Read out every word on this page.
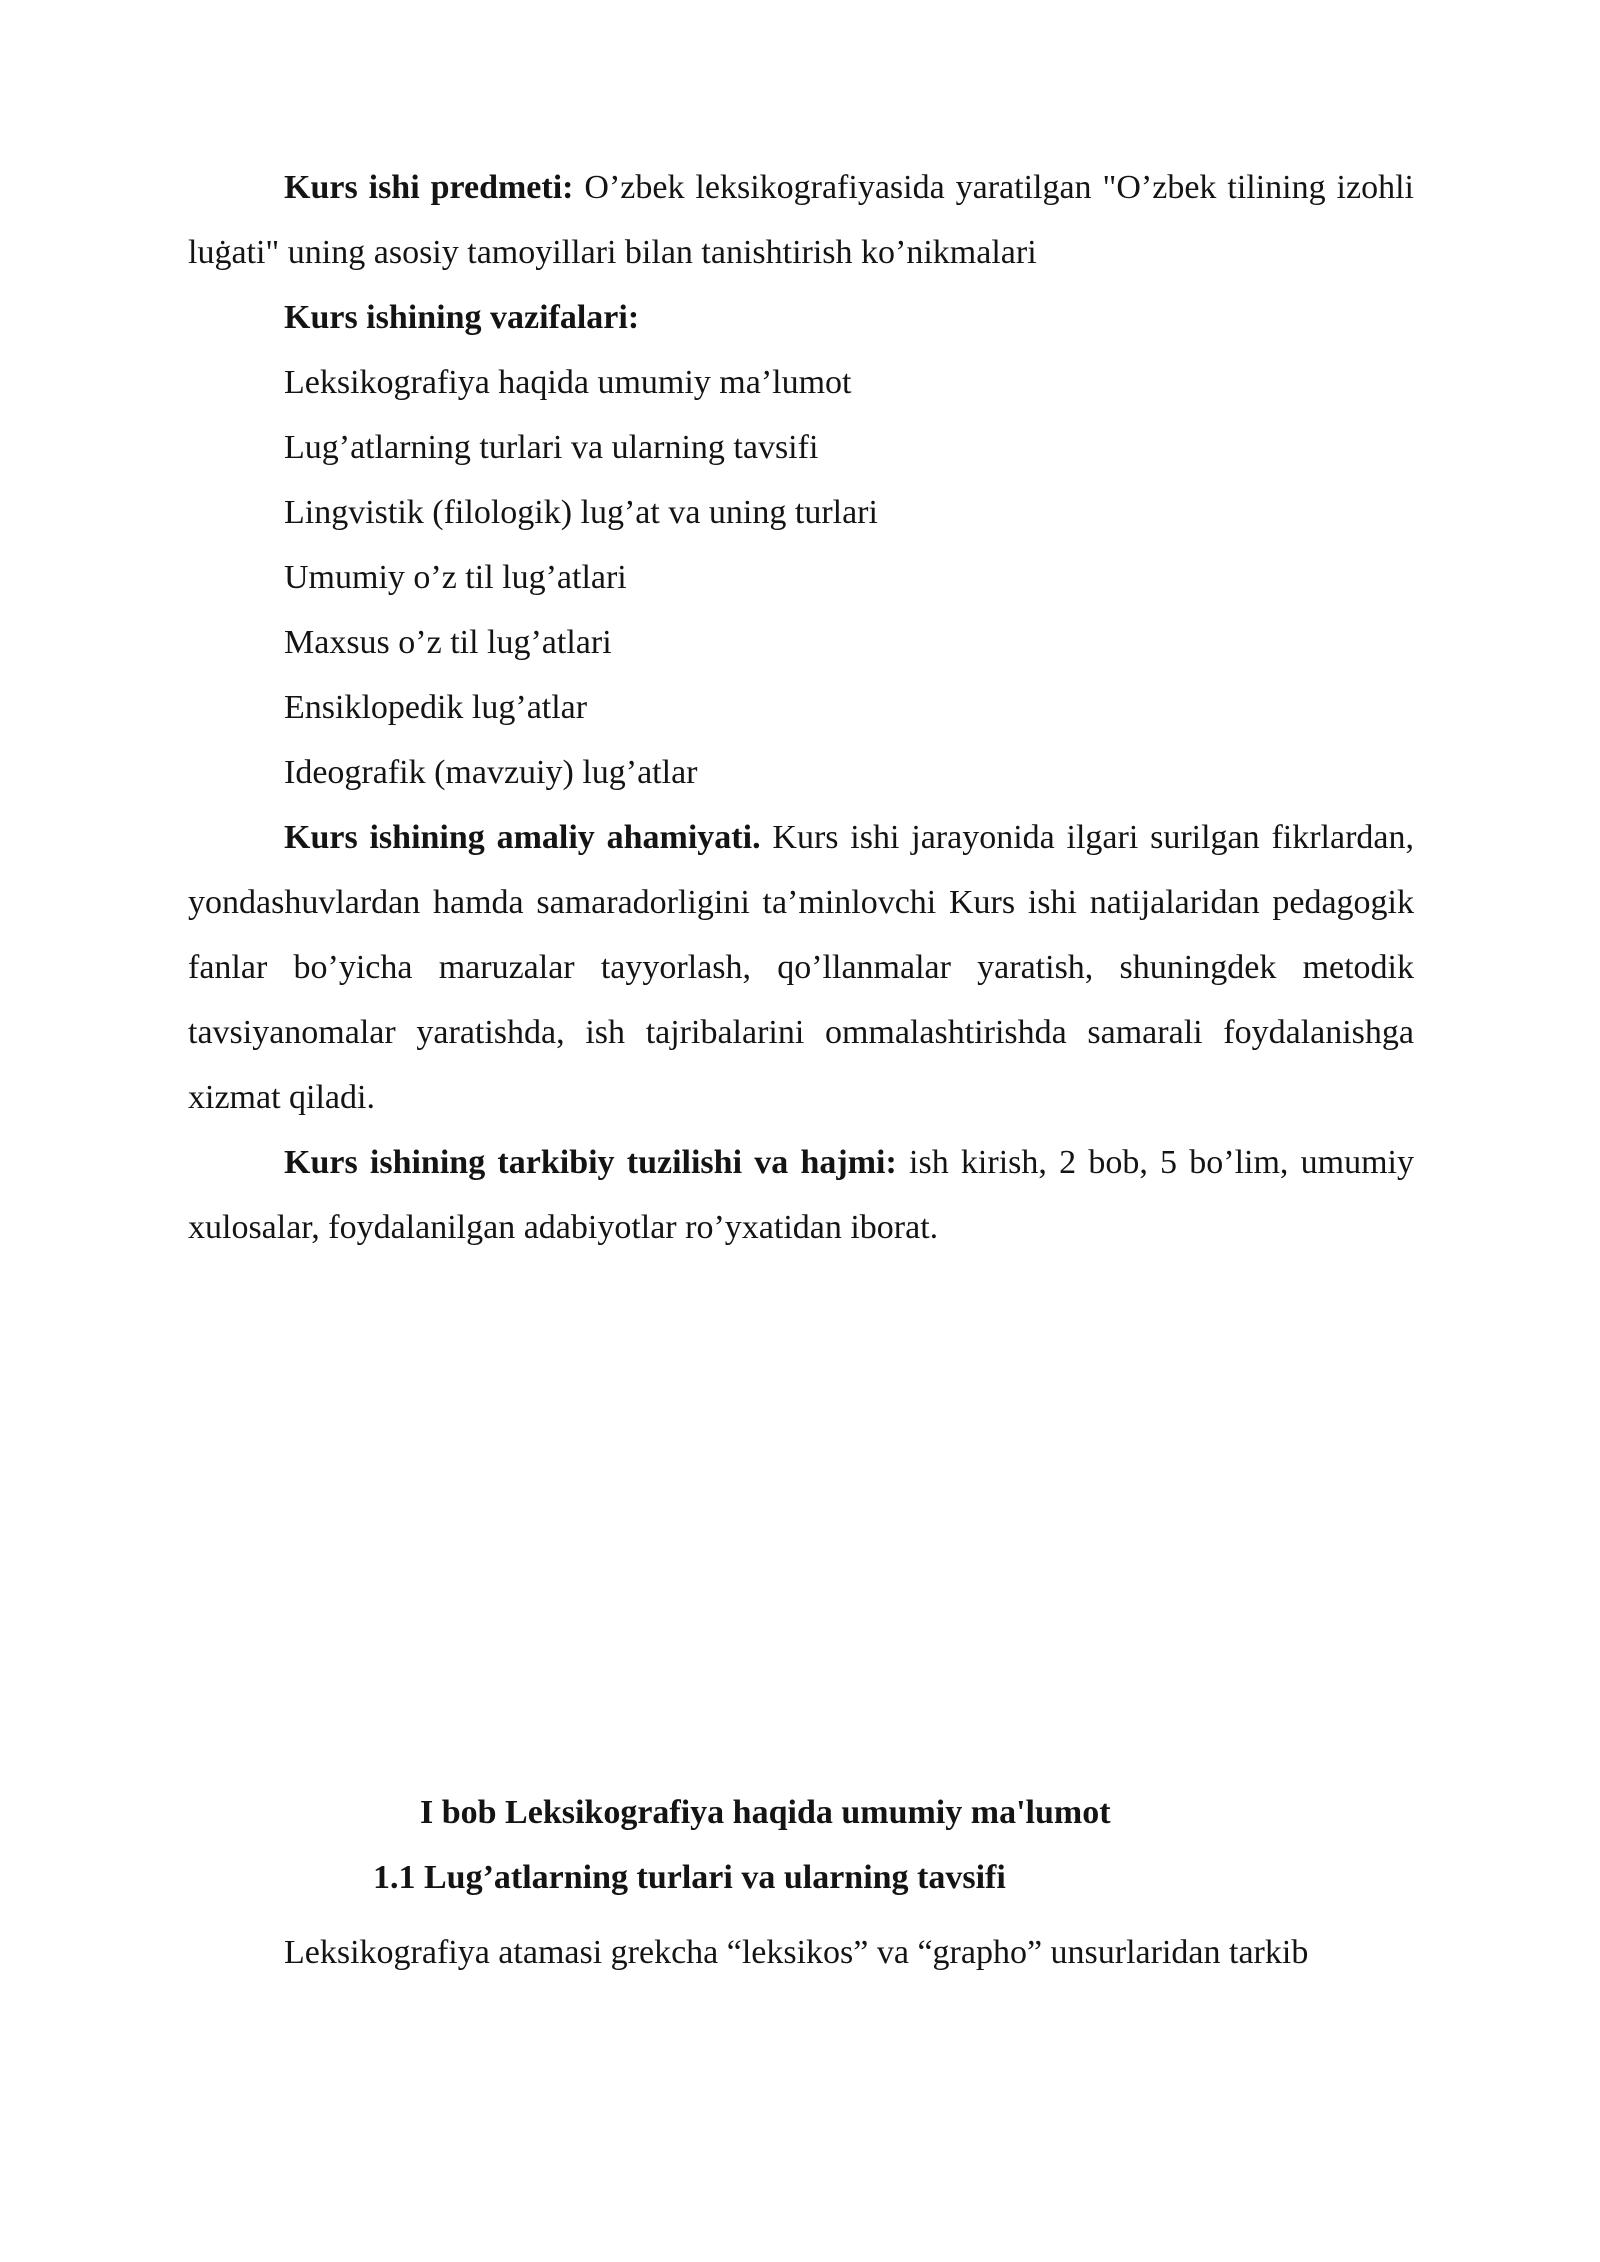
Kurs ishi predmeti: O’zbek leksikografiyasida yaratilgan "O’zbek tilining izohli luġati" uning asosiy tamoyillari bilan tanishtirish ko’nikmalari

Kurs ishining vazifalari:

Leksikografiya haqida umumiy ma’lumot

Lug’atlarning turlari va ularning tavsifi

Lingvistik (filologik) lug’at va uning turlari

Umumiy o’z til lug’atlari

Maxsus o’z til lug’atlari

Ensiklopedik lug’atlar

Ideografik (mavzuiy) lug’atlar

Kurs ishining amaliy ahamiyati. Kurs ishi jarayonida ilgari surilgan fikrlardan, yondashuvlardan hamda samaradorligini ta’minlovchi Kurs ishi natijalaridan pedagogik fanlar bo’yicha maruzalar tayyorlash, qo’llanmalar yaratish, shuningdek metodik tavsiyanomalar yaratishda, ish tajribalarini ommalashtirishda samarali foydalanishga xizmat qiladi.

Kurs ishining tarkibiy tuzilishi va hajmi: ish kirish, 2 bob, 5 bo’lim, umumiy xulosalar, foydalanilgan adabiyotlar ro’yxatidan iborat.

I bob Leksikografiya haqida umumiy ma'lumot

1.1 Lug’atlarning turlari va ularning tavsifi

Leksikografiya atamasi grekcha “leksikos” va “grapho” unsurlaridan tarkib
